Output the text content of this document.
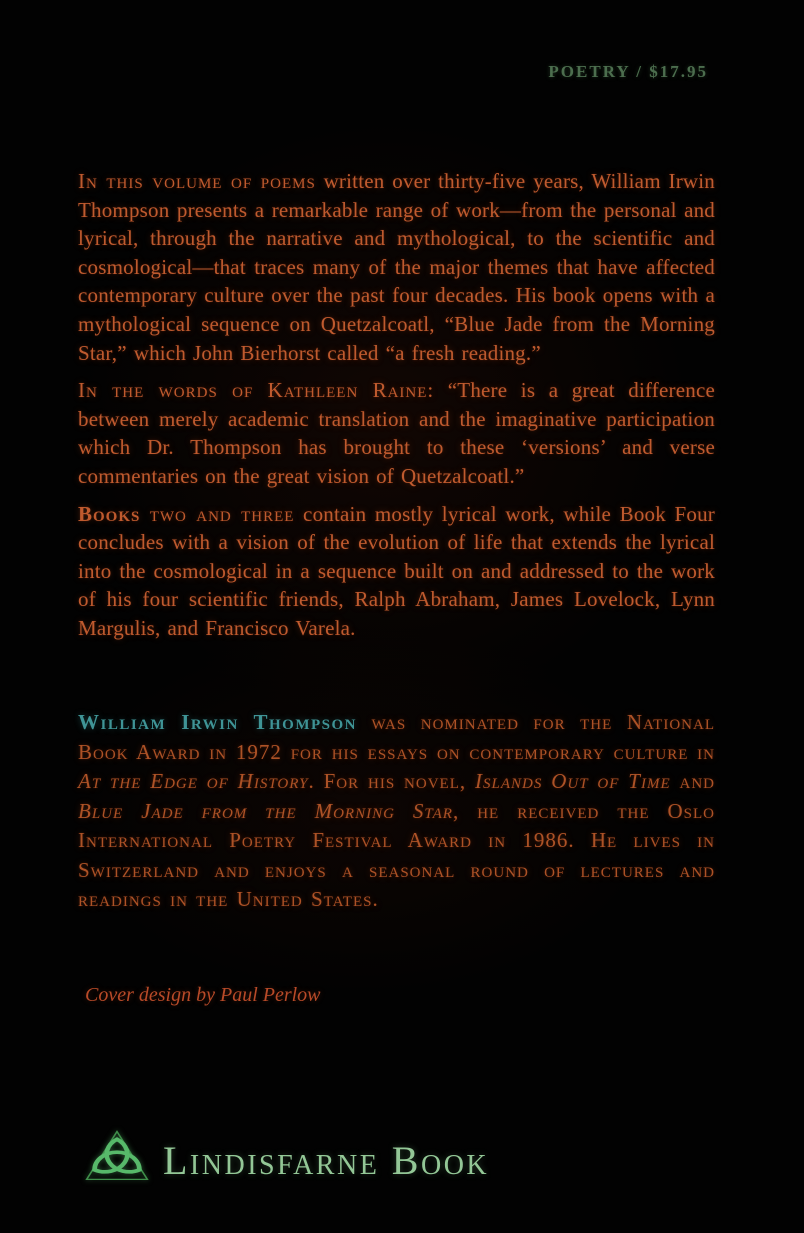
POETRY / $17.95

In this volume of poems written over thirty-five years, William Irwin Thompson presents a remarkable range of work—from the personal and lyrical, through the narrative and mythological, to the scientific and cosmological—that traces many of the major themes that have affected contemporary culture over the past four decades. His book opens with a mythological sequence on Quetzalcoatl, “Blue Jade from the Morning Star,” which John Bierhorst called “a fresh reading.”

In the words of Kathleen Raine: “There is a great difference between merely academic translation and the imaginative participation which Dr. Thompson has brought to these ‘versions’ and verse commentaries on the great vision of Quetzalcoatl.”

Books two and three contain mostly lyrical work, while Book Four concludes with a vision of the evolution of life that extends the lyrical into the cosmological in a sequence built on and addressed to the work of his four scientific friends, Ralph Abraham, James Lovelock, Lynn Margulis, and Francisco Varela.

William Irwin Thompson was nominated for the National Book Award in 1972 for his essays on contemporary culture in At the Edge of History. For his novel, Islands Out of Time and Blue Jade from the Morning Star, he received the Oslo International Poetry Festival Award in 1986. He lives in Switzerland and enjoys a seasonal round of lectures and readings in the United States.
Cover design by Paul Perlow
Lindisfarne Book
